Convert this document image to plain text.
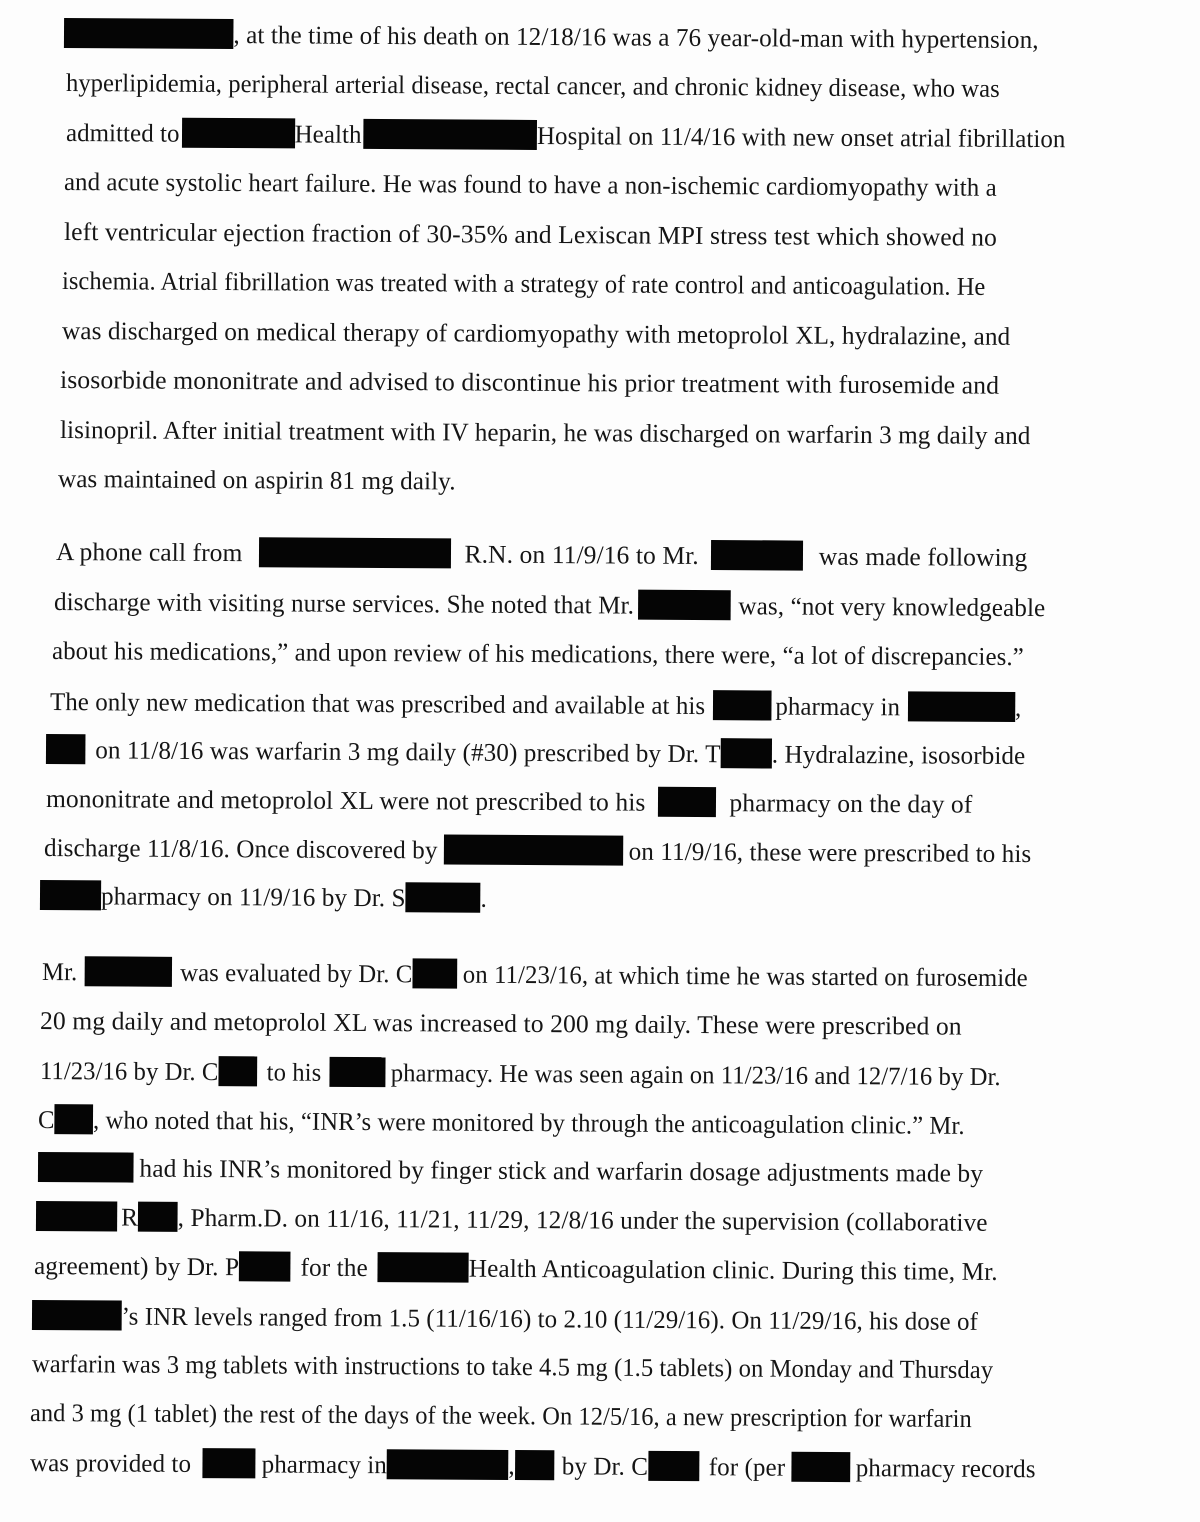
, at the time of his death on 12/18/16 was a 76 year-old-man with hypertension,
hyperlipidemia, peripheral arterial disease, rectal cancer, and chronic kidney disease, who was
admitted to	Health	Hospital on 11/4/16 with new onset atrial fibrillation
and acute systolic heart failure. He was found to have a non-ischemic cardiomyopathy with a
left ventricular ejection fraction of 30-35% and Lexiscan MPI stress test which showed no
ischemia. Atrial fibrillation was treated with a strategy of rate control and anticoagulation. He
was discharged on medical therapy of cardiomyopathy with metoprolol XL, hydralazine, and
isosorbide mononitrate and advised to discontinue his prior treatment with furosemide and
lisinopril. After initial treatment with IV heparin, he was discharged on warfarin 3 mg daily and
was maintained on aspirin 81 mg daily.
A phone call from	R.N. on 11/9/16 to Mr.	was made following
discharge with visiting nurse services. She noted that Mr.	was, “not very knowledgeable
about his medications,” and upon review of his medications, there were, “a lot of discrepancies.”
The only new medication that was prescribed and available at his	pharmacy in	,
on 11/8/16 was warfarin 3 mg daily (#30) prescribed by Dr. T . Hydralazine, isosorbide
mononitrate and metoprolol XL were not prescribed to his	pharmacy on the day of
discharge 11/8/16. Once discovered by	on 11/9/16, these were prescribed to his
pharmacy on 11/9/16 by Dr. S	.
Mr.	was evaluated by Dr. C on 11/23/16, at which time he was started on furosemide
20 mg daily and metoprolol XL was increased to 200 mg daily. These were prescribed on
11/23/16 by Dr. C to his	pharmacy. He was seen again on 11/23/16 and 12/7/16 by Dr.
C , who noted that his, “INR’s were monitored by through the anticoagulation clinic.” Mr.
had his INR’s monitored by finger stick and warfarin dosage adjustments made by
R , Pharm.D. on 11/16, 11/21, 11/29, 12/8/16 under the supervision (collaborative
agreement) by Dr. P for the	Health Anticoagulation clinic. During this time, Mr.
’s INR levels ranged from 1.5 (11/16/16) to 2.10 (11/29/16). On 11/29/16, his dose of
warfarin was 3 mg tablets with instructions to take 4.5 mg (1.5 tablets) on Monday and Thursday
and 3 mg (1 tablet) the rest of the days of the week. On 12/5/16, a new prescription for warfarin
was provided to	pharmacy in	, by Dr. C for (per	pharmacy records
